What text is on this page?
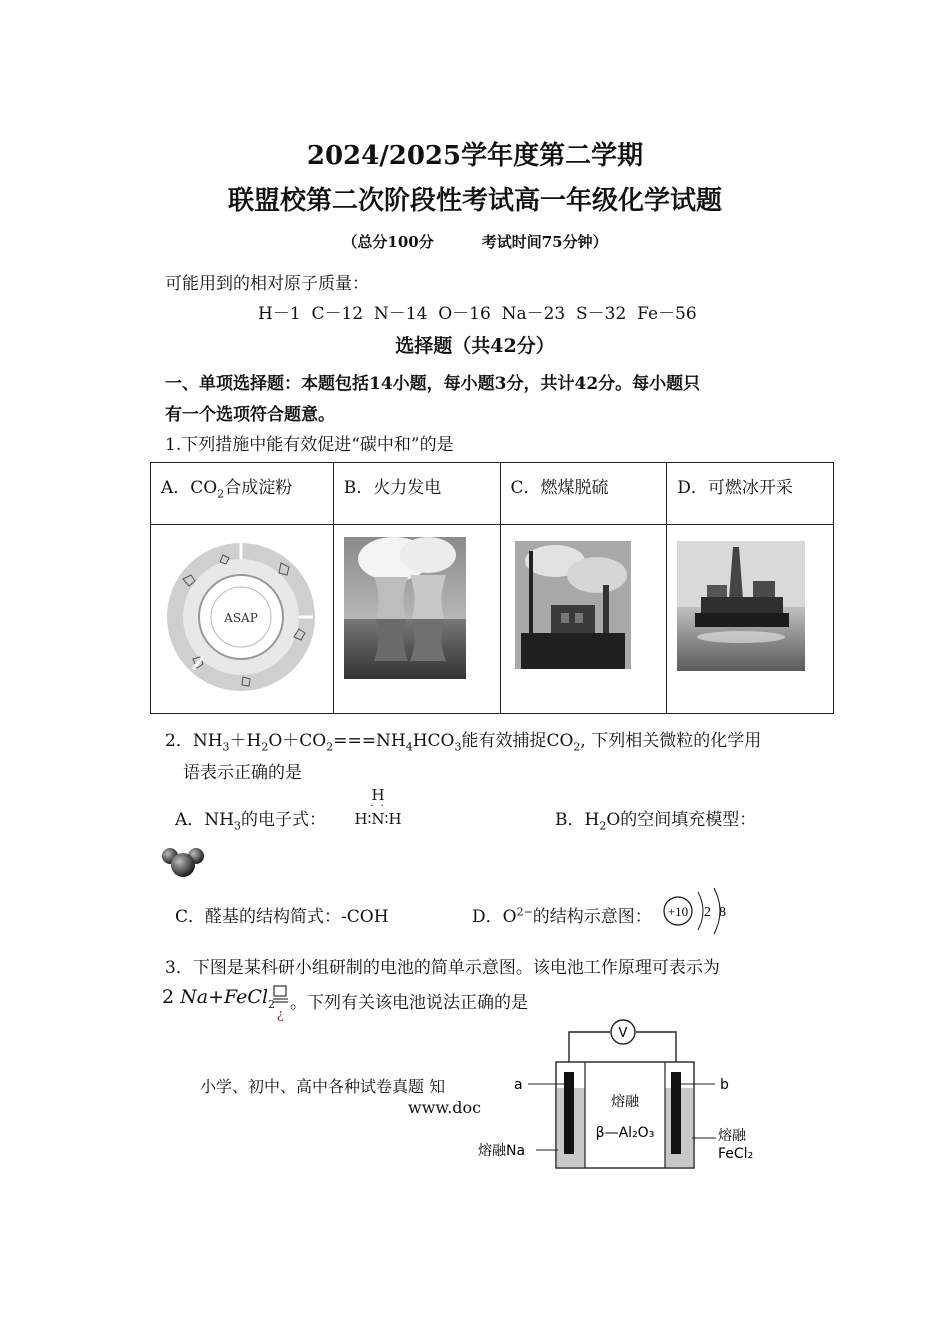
2024/2025学年度第二学期
联盟校第二次阶段性考试高一年级化学试题
（总分100分	考试时间75分钟）
可能用到的相对原子质量：
H－1  C－12  N－14  O－16  Na－23  S－32  Fe－56
选择题（共42分）
一、单项选择题：本题包括14小题，每小题3分，共计42分。每小题只
有一个选项符合题意。
1.下列措施中能有效促进“碳中和”的是
A．$CO_2$合成淀粉	B．火力发电	C．燃煤脱硫	D．可燃冰开采

ASAP

2．$NH_3+H_2O+CO_2===NH_4HCO_3$能有效捕捉$CO_2$, 下列相关微粒的化学用
语表示正确的是
A．$NH_3$的电子式：
H
· ·
H∶N∶H	B．$H_2O$的空间填充模型：
C．醛基的结构简式：-COH	D．$O^{2-}$的结构示意图： +10 2 8
3．下图是某科研小组研制的电池的简单示意图。该电池工作原理可表示为
2 Na+FeCl$_2$
¿
。下列有关该电池说法正确的是
小学、初中、高中各种试卷真题 知
www.doc
V
a	b
熔融
β—Al₂O₃
熔融Na
熔融
FeCl₂
